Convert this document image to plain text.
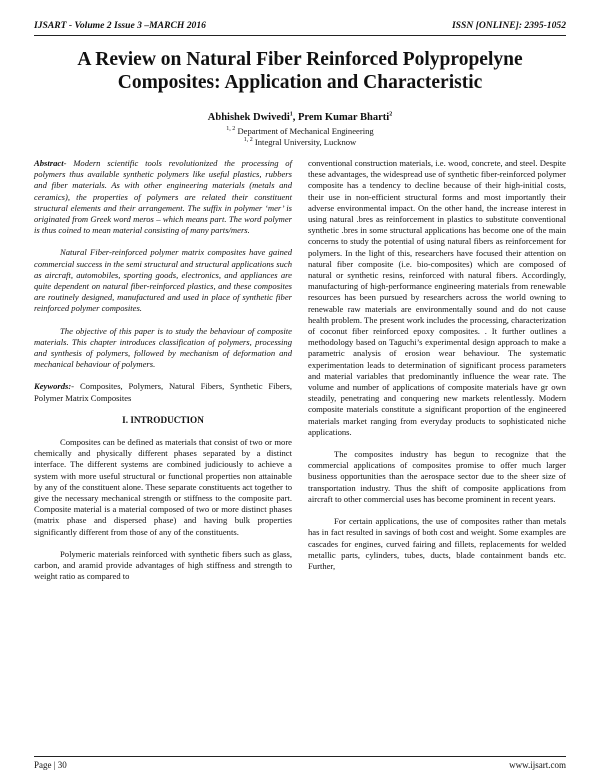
IJSART - Volume 2 Issue 3 –MARCH 2016	ISSN [ONLINE]: 2395-1052
A Review on Natural Fiber Reinforced Polypropelyne
Composites: Application and Characteristic
Abhishek Dwivedi$^1$, Prem Kumar Bharti$^2$
$^{1, 2}$ Department of Mechanical Engineering
$^{1, 2}$ Integral University, Lucknow

Abstract- Modern scientific tools revolutionized the processing of polymers thus available synthetic polymers like useful plastics, rubbers and fiber materials. As with other engineering materials (metals and ceramics), the properties of polymers are related their constituent structural elements and their arrangement. The suffix in polymer ‘mer’ is originated from Greek word meros – which means part. The word polymer is thus coined to mean material consisting of many parts/mers.

Natural Fiber-reinforced polymer matrix composites have gained commercial success in the semi structural and structural applications such as aircraft, automobiles, sporting goods, electronics, and appliances are quite dependent on natural fiber-reinforced plastics, and these composites are routinely designed, manufactured and used in place of synthetic fiber reinforced polymer composites.

The objective of this paper is to study the behaviour of composite materials. This chapter introduces classification of polymers, processing and synthesis of polymers, followed by mechanism of deformation and mechanical behaviour of polymers.

Keywords:- Composites, Polymers, Natural Fibers, Synthetic Fibers, Polymer Matrix Composites

I. INTRODUCTION

Composites can be defined as materials that consist of two or more chemically and physically different phases separated by a distinct interface. The different systems are combined judiciously to achieve a system with more useful structural or functional properties non attainable by any of the constituent alone. These separate constituents act together to give the necessary mechanical strength or stiffness to the composite part. Composite material is a material composed of two or more distinct phases (matrix phase and dispersed phase) and having bulk properties significantly different from those of any of the constituents.

Polymeric materials reinforced with synthetic fibers such as glass, carbon, and aramid provide advantages of high stiffness and strength to weight ratio as compared to

conventional construction materials, i.e. wood, concrete, and steel. Despite these advantages, the widespread use of synthetic fiber-reinforced polymer composite has a tendency to decline because of their high-initial costs, their use in non-efficient structural forms and most importantly their adverse environmental impact. On the other hand, the increase interest in using natural .bres as reinforcement in plastics to substitute conventional synthetic .bres in some structural applications has become one of the main concerns to study the potential of using natural fibers as reinforcement for polymers. In the light of this, researchers have focused their attention on natural fiber composite (i.e. bio-composites) which are composed of natural or synthetic resins, reinforced with natural fibers. Accordingly, manufacturing of high-performance engineering materials from renewable resources has been pursued by researchers across the world owning to renewable raw materials are environmentally sound and do not cause health problem. The present work includes the processing, characterization of coconut fiber reinforced epoxy composites. . It further outlines a methodology based on Taguchi’s experimental design approach to make a parametric analysis of erosion wear behaviour. The systematic experimentation leads to determination of significant process parameters and material variables that predominantly influence the wear rate. The volume and number of applications of composite materials have gr own steadily, penetrating and conquering new markets relentlessly. Modern composite materials constitute a significant proportion of the engineered materials market ranging from everyday products to sophisticated niche applications.

The composites industry has begun to recognize that the commercial applications of composites promise to offer much larger business opportunities than the aerospace sector due to the sheer size of transportation industry. Thus the shift of composite applications from aircraft to other commercial uses has become prominent in recent years.

For certain applications, the use of composites rather than metals has in fact resulted in savings of both cost and weight. Some examples are cascades for engines, curved fairing and fillets, replacements for welded metallic parts, cylinders, tubes, ducts, blade containment bands etc. Further,

Page | 30	www.ijsart.com
